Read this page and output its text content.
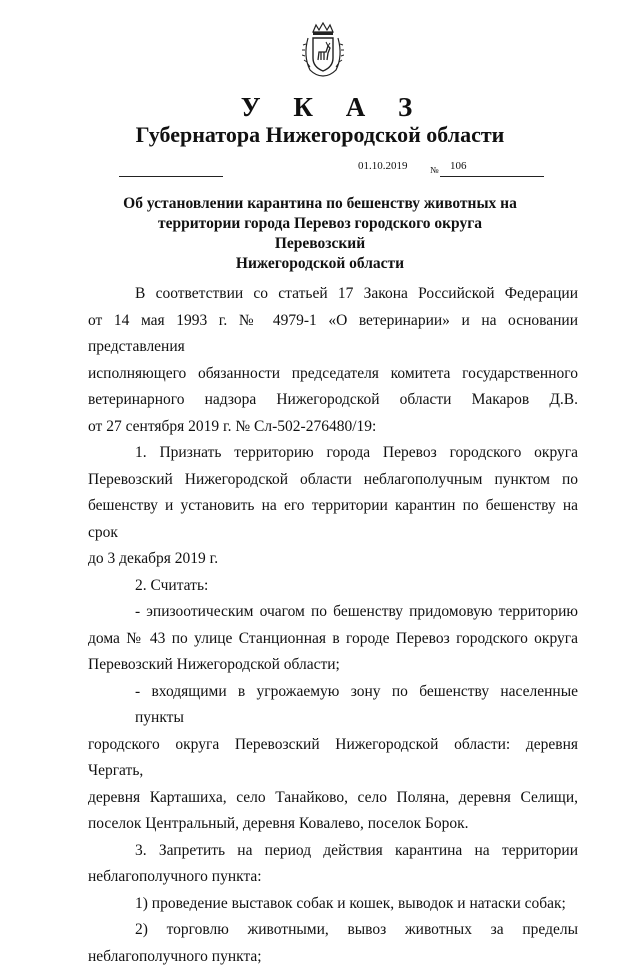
У К А З
Губернатора Нижегородской области
01.10.2019	№ 106
Об установлении карантина по бешенству животных на
территории города Перевоз городского округа Перевозский
Нижегородской области

В соответствии со статьей 17 Закона Российской Федерации
от 14 мая 1993 г. № 4979-1 «О ветеринарии» и на основании представления
исполняющего обязанности председателя комитета государственного
ветеринарного надзора Нижегородской области Макаров Д.В.
от 27 сентября 2019 г. № Сл-502-276480/19:

1. Признать территорию города Перевоз городского округа
Перевозский Нижегородской области неблагополучным пунктом по
бешенству и установить на его территории карантин по бешенству на срок
до 3 декабря 2019 г.

2. Считать:

- эпизоотическим очагом по бешенству придомовую территорию
дома № 43 по улице Станционная в городе Перевоз городского округа
Перевозский Нижегородской области;

- входящими в угрожаемую зону по бешенству населенные пункты
городского округа Перевозский Нижегородской области: деревня Чергать,
деревня Карташиха, село Танайково, село Поляна, деревня Селищи,
поселок Центральный, деревня Ковалево, поселок Борок.

3. Запретить на период действия карантина на территории
неблагополучного пункта:

1) проведение выставок собак и кошек, выводок и натаски собак;

2) торговлю животными, вывоз животных за пределы
неблагополучного пункта;
